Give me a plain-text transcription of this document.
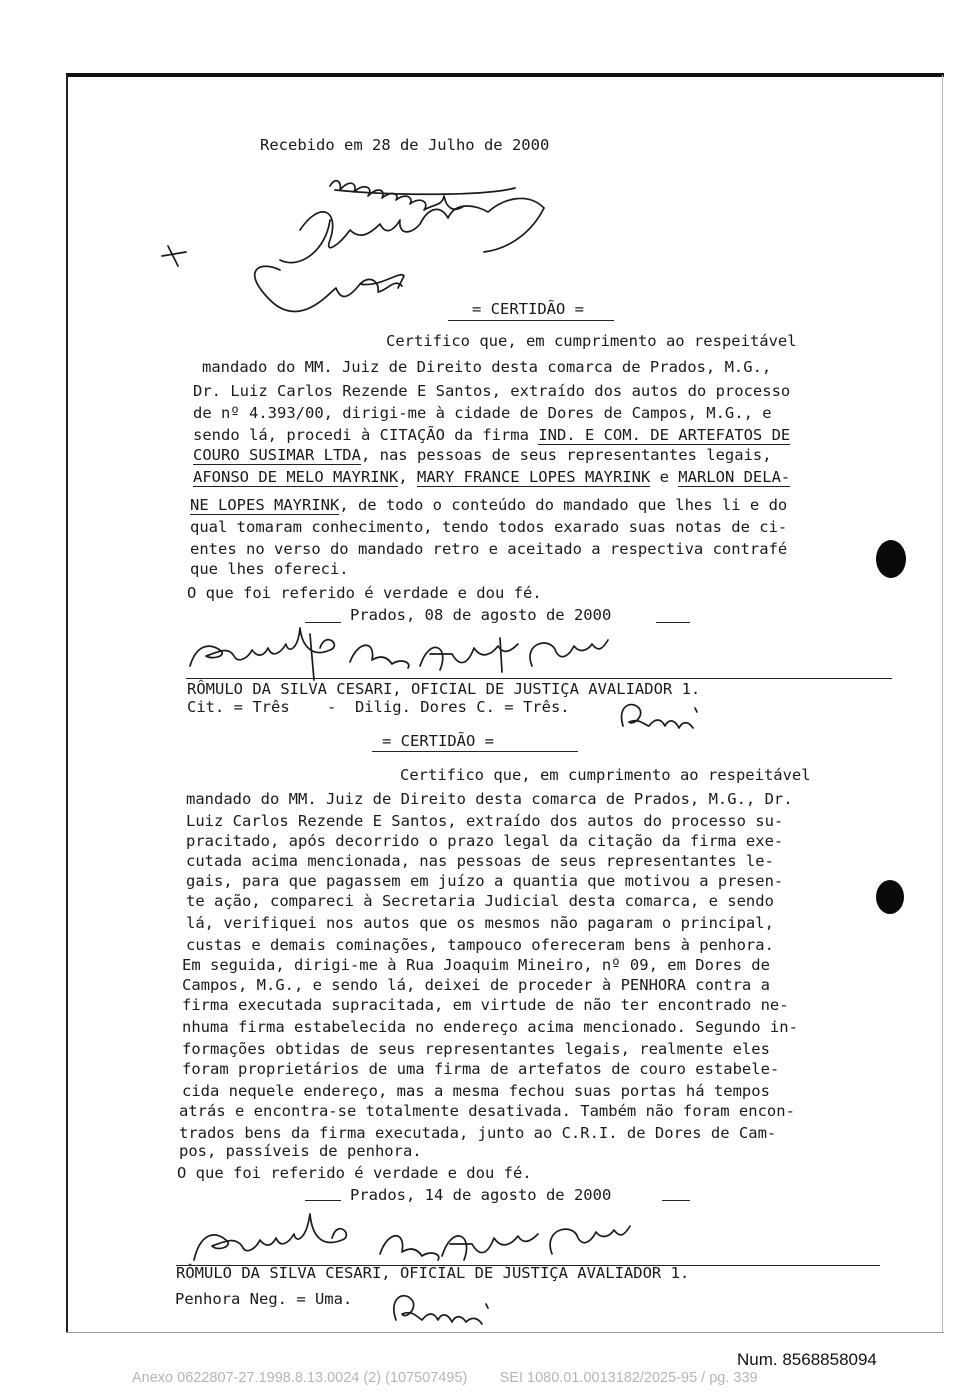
Recebido em 28 de Julho de 2000
= CERTIDÃO =
Certifico que, em cumprimento ao respeitável
mandado do MM. Juiz de Direito desta comarca de Prados, M.G.,
Dr. Luiz Carlos Rezende E Santos, extraído dos autos do processo
de nº 4.393/00, dirigi-me à cidade de Dores de Campos, M.G., e
sendo lá, procedi à CITAÇÃO da firma IND. E COM. DE ARTEFATOS DE
COURO SUSIMAR LTDA, nas pessoas de seus representantes legais,
AFONSO DE MELO MAYRINK, MARY FRANCE LOPES MAYRINK e MARLON DELA-
NE LOPES MAYRINK, de todo o conteúdo do mandado que lhes li e do
qual tomaram conhecimento, tendo todos exarado suas notas de ci-
entes no verso do mandado retro e aceitado a respectiva contrafé
que lhes ofereci.
O que foi referido é verdade e dou fé.
Prados, 08 de agosto de 2000
RÔMULO DA SILVA CESARI, OFICIAL DE JUSTIÇA AVALIADOR 1.
Cit. = Três    -  Dilig. Dores C. = Três.
= CERTIDÃO =
Certifico que, em cumprimento ao respeitável
mandado do MM. Juiz de Direito desta comarca de Prados, M.G., Dr.
Luiz Carlos Rezende E Santos, extraído dos autos do processo su-
pracitado, após decorrido o prazo legal da citação da firma exe-
cutada acima mencionada, nas pessoas de seus representantes le-
gais, para que pagassem em juízo a quantia que motivou a presen-
te ação, compareci à Secretaria Judicial desta comarca, e sendo
lá, verifiquei nos autos que os mesmos não pagaram o principal,
custas e demais cominações, tampouco ofereceram bens à penhora.
Em seguida, dirigi-me à Rua Joaquim Mineiro, nº 09, em Dores de
Campos, M.G., e sendo lá, deixei de proceder à PENHORA contra a
firma executada supracitada, em virtude de não ter encontrado ne-
nhuma firma estabelecida no endereço acima mencionado. Segundo in-
formações obtidas de seus representantes legais, realmente eles
foram proprietários de uma firma de artefatos de couro estabele-
cida nequele endereço, mas a mesma fechou suas portas há tempos
atrás e encontra-se totalmente desativada. Também não foram encon-
trados bens da firma executada, junto ao C.R.I. de Dores de Cam-
pos, passíveis de penhora.
O que foi referido é verdade e dou fé.
Prados, 14 de agosto de 2000
RÔMULO DA SILVA CESARI, OFICIAL DE JUSTIÇA AVALIADOR 1.
Penhora Neg. = Uma.
Num. 8568858094
Anexo 0622807-27.1998.8.13.0024 (2) (107507495)        SEI 1080.01.0013182/2025-95 / pg. 339
